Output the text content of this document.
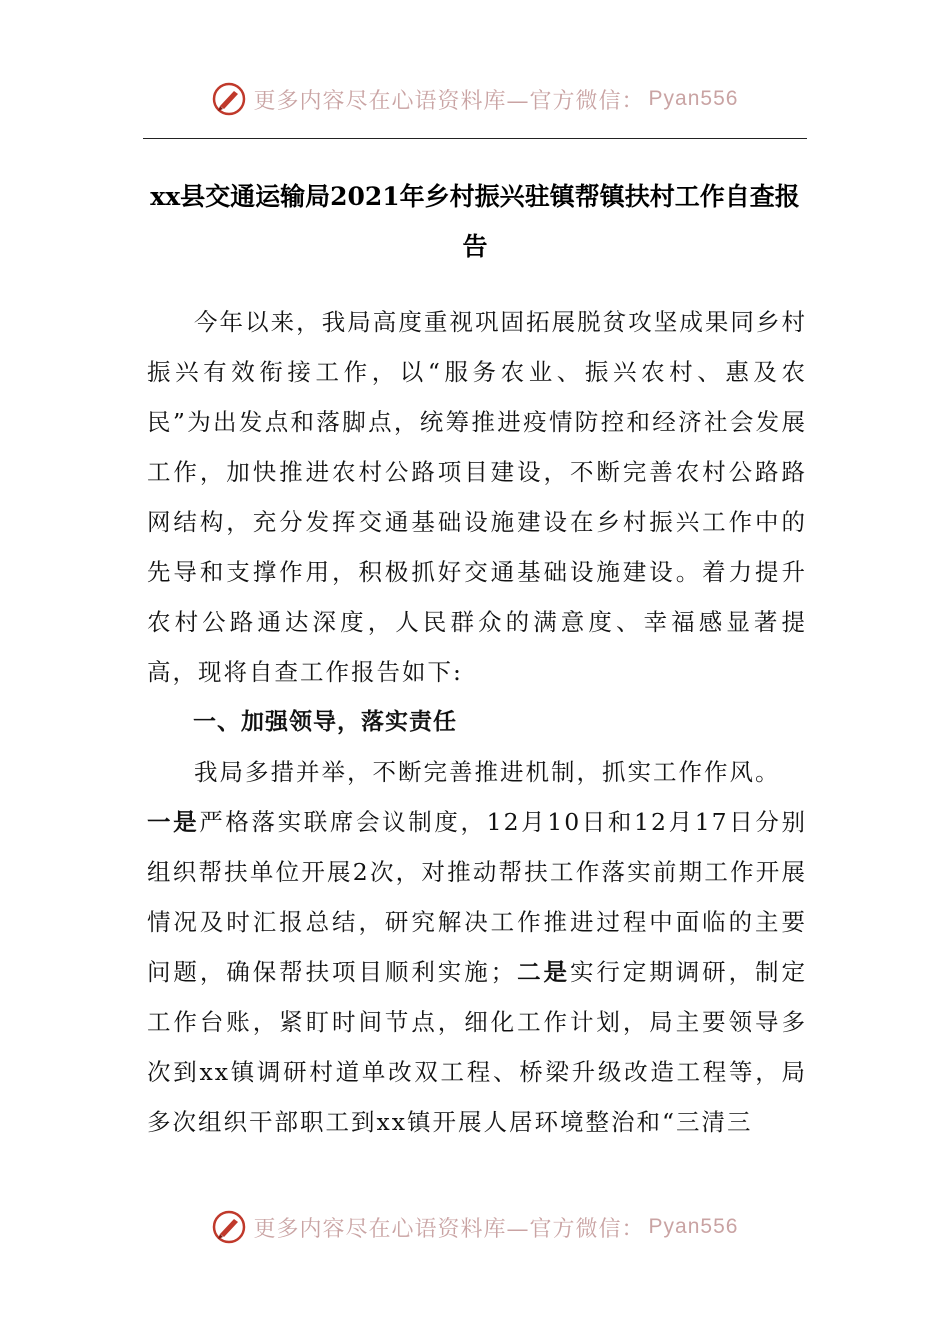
更多内容尽在心语资料库—官方微信： Pyan556
xx县交通运输局2021年乡村振兴驻镇帮镇扶村工作自查报告

今年以来，我局高度重视巩固拓展脱贫攻坚成果同乡村振兴有效衔接工作，以“服务农业、振兴农村、惠及农民”为出发点和落脚点，统筹推进疫情防控和经济社会发展工作，加快推进农村公路项目建设，不断完善农村公路路网结构，充分发挥交通基础设施建设在乡村振兴工作中的先导和支撑作用，积极抓好交通基础设施建设。着力提升农村公路通达深度，人民群众的满意度、幸福感显著提高，现将自查工作报告如下:

一、加强领导，落实责任

我局多措并举，不断完善推进机制，抓实工作作风。

一是严格落实联席会议制度，12月10日和12月17日分别组织帮扶单位开展2次，对推动帮扶工作落实前期工作开展情况及时汇报总结，研究解决工作推进过程中面临的主要问题，确保帮扶项目顺利实施；二是实行定期调研，制定工作台账，紧盯时间节点，细化工作计划，局主要领导多次到xx镇调研村道单改双工程、桥梁升级改造工程等，局多次组织干部职工到xx镇开展人居环境整治和“三清三

更多内容尽在心语资料库—官方微信： Pyan556
